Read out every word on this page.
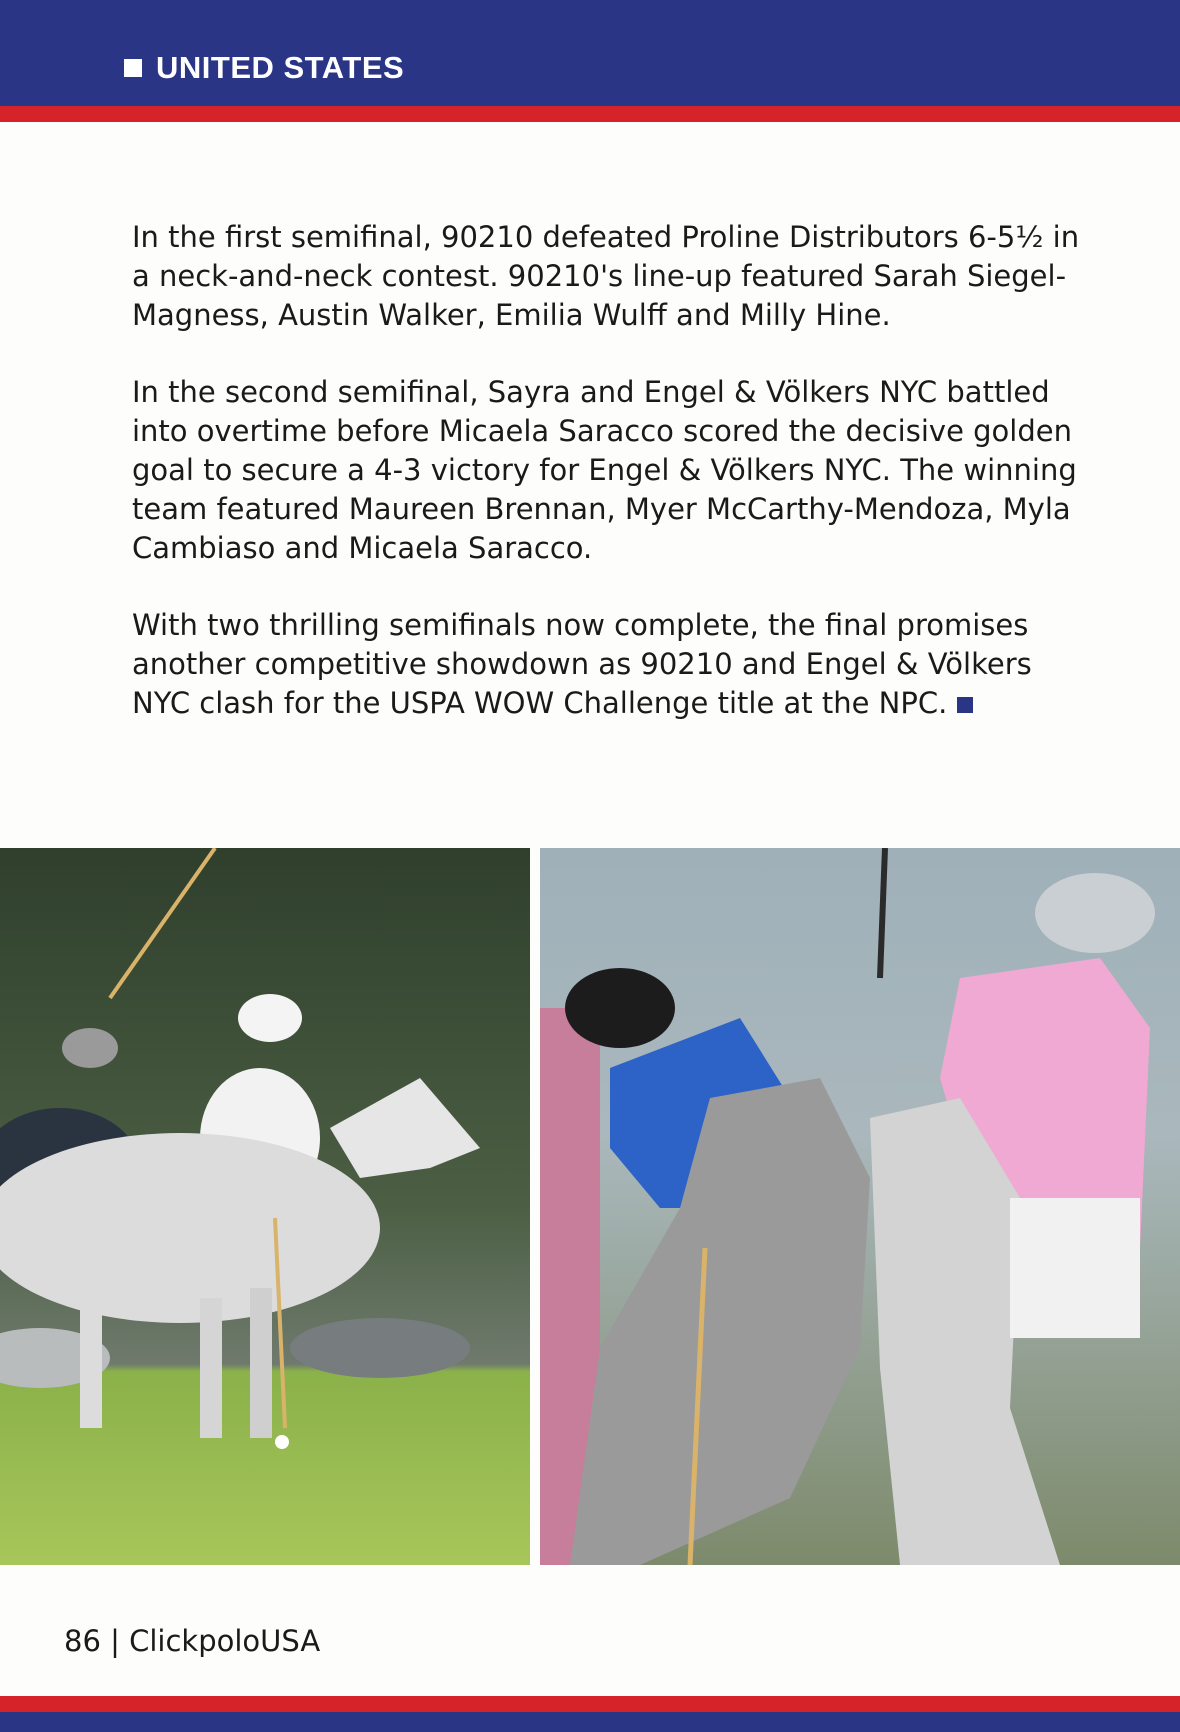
UNITED STATES

In the first semifinal, 90210 defeated Proline Distributors 6-5½ in a neck-and-neck contest. 90210's line-up featured Sarah Siegel-Magness, Austin Walker, Emilia Wulff and Milly Hine.

In the second semifinal, Sayra and Engel & Völkers NYC battled into overtime before Micaela Saracco scored the decisive golden goal to secure a 4-3 victory for Engel & Völkers NYC. The winning team featured Maureen Brennan, Myer McCarthy-Mendoza, Myla Cambiaso and Micaela Saracco.

With two thrilling semifinals now complete, the final promises another competitive showdown as 90210 and Engel & Völkers NYC clash for the USPA WOW Challenge title at the NPC.

86 | ClickpoloUSA
